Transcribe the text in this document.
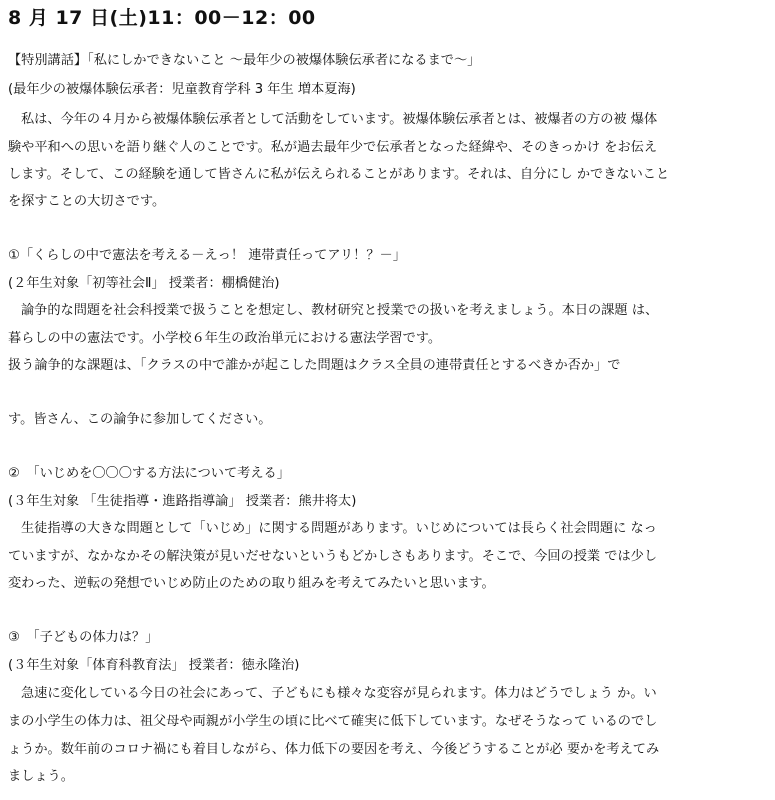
8 月 17 日(土)11：00－12：00
【特別講話】「私にしかできないこと ～最年少の被爆体験伝承者になるまで～」
(最年少の被爆体験伝承者：児童教育学科 3 年生 増本夏海)
私は、今年の４月から被爆体験伝承者として活動をしています。被爆体験伝承者とは、被爆者の方の被 爆体
験や平和への思いを語り継ぐ人のことです。私が過去最年少で伝承者となった経緯や、そのきっかけ をお伝え
します。そして、この経験を通して皆さんに私が伝えられることがあります。それは、自分にし かできないこと
を探すことの大切さです。
①「くらしの中で憲法を考える－えっ！ 連帯責任ってアリ！？－」
(２年生対象「初等社会Ⅱ」 授業者：棚橋健治)
論争的な問題を社会科授業で扱うことを想定し、教材研究と授業での扱いを考えましょう。本日の課題 は、
暮らしの中の憲法です。小学校６年生の政治単元における憲法学習です。
扱う論争的な課題は、「クラスの中で誰かが起こした問題はクラス全員の連帯責任とするべきか否か」で
す。皆さん、この論争に参加してください。
②　「いじめを〇〇〇する方法について考える」
(３年生対象 「生徒指導・進路指導論」 授業者：熊井将太)
生徒指導の大きな問題として「いじめ」に関する問題があります。いじめについては長らく社会問題に なっ
ていますが、なかなかその解決策が見いだせないというもどかしさもあります。そこで、今回の授業 では少し
変わった、逆転の発想でいじめ防止のための取り組みを考えてみたいと思います。
③　「子どもの体力は？」
(３年生対象「体育科教育法」 授業者：徳永隆治)
急速に変化している今日の社会にあって、子どもにも様々な変容が見られます。体力はどうでしょう か。い
まの小学生の体力は、祖父母や両親が小学生の頃に比べて確実に低下しています。なぜそうなって いるのでし
ょうか。数年前のコロナ禍にも着目しながら、体力低下の要因を考え、今後どうすることが必 要かを考えてみ
ましょう。
